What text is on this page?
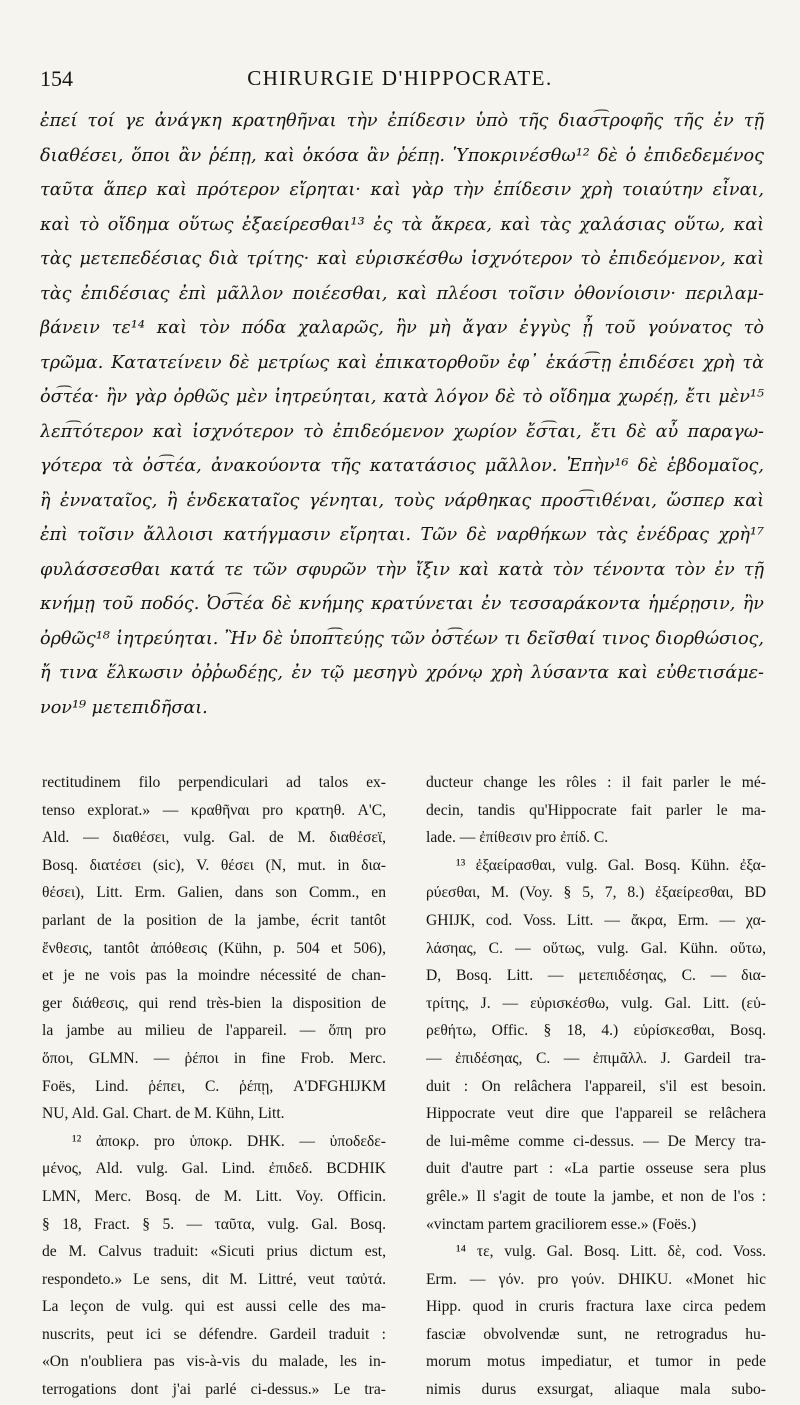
154	CHIRURGIE D'HIPPOCRATE.
ἐπεί τοί γε ἀνάγκη κρατηθῆναι τὴν ἐπίδεσιν ὑπὸ τῆς διασ͡τροφῆς τῆς ἐν τῇ
διαθέσει, ὅποι ἂν ῥέπῃ, καὶ ὁκόσα ἂν ῥέπῃ. Ὑποκρινέσθω¹² δὲ ὁ ἐπιδεδεμένος
ταῦτα ἅπερ καὶ πρότερον εἴρηται· καὶ γὰρ τὴν ἐπίδεσιν χρὴ τοιαύτην εἶναι,
καὶ τὸ οἴδημα οὕτως ἐξαείρεσθαι¹³ ἐς τὰ ἄκρεα, καὶ τὰς χαλάσιας οὕτω, καὶ
τὰς μετεπεδέσιας διὰ τρίτης· καὶ εὑρισκέσθω ἰσχνότερον τὸ ἐπιδεόμενον, καὶ
τὰς ἐπιδέσιας ἐπὶ μᾶλλον ποιέεσθαι, καὶ πλέοσι τοῖσιν ὀθονίοισιν· περιλαμ-
βάνειν τε¹⁴ καὶ τὸν πόδα χαλαρῶς, ἣν μὴ ἄγαν ἐγγὺς ᾖ τοῦ γούνατος τὸ
τρῶμα. Κατατείνειν δὲ μετρίως καὶ ἐπικατορθοῦν ἐφ᾽ ἑκάσ͡τῃ ἐπιδέσει χρὴ τὰ
ὀσ͡τέα· ἢν γὰρ ὀρθῶς μὲν ἰητρεύηται, κατὰ λόγον δὲ τὸ οἴδημα χωρέῃ, ἔτι μὲν¹⁵
λεπ͡τότερον καὶ ἰσχνότερον τὸ ἐπιδεόμενον χωρίον ἔσ͡ται, ἔτι δὲ αὖ παραγω-
γότερα τὰ ὀσ͡τέα, ἀνακούοντα τῆς κατατάσιος μᾶλλον. Ἐπὴν¹⁶ δὲ ἑβδομαῖος,
ἢ ἐνναταῖος, ἢ ἑνδεκαταῖος γένηται, τοὺς νάρθηκας προσ͡τιθέναι, ὥσπερ καὶ
ἐπὶ τοῖσιν ἄλλοισι κατήγμασιν εἴρηται. Τῶν δὲ ναρθήκων τὰς ἐνέδρας χρὴ¹⁷
φυλάσσεσθαι κατά τε τῶν σφυρῶν τὴν ἴξιν καὶ κατὰ τὸν τένοντα τὸν ἐν τῇ
κνήμῃ τοῦ ποδός. Ὀσ͡τέα δὲ κνήμης κρατύνεται ἐν τεσσαράκοντα ἡμέρῃσιν, ἢν
ὀρθῶς¹⁸ ἰητρεύηται. Ἢν δὲ ὑποπ͡τεύῃς τῶν ὀσ͡τέων τι δεῖσθαί τινος διορθώσιος,
ἤ τινα ἕλκωσιν ὀῤῥωδέῃς, ἐν τῷ μεσηγὺ χρόνῳ χρὴ λύσαντα καὶ εὐθετισάμε-
νον¹⁹ μετεπιδῆσαι.
rectitudinem filo perpendiculari ad talos ex-
tenso explorat.» — κραθῆναι pro κρατηθ. A'C,
Ald. — διαθέσει, vulg. Gal. de M. διαθέσεϊ,
Bosq. διατέσει (sic), V. θέσει (N, mut. in δια-
θέσει), Litt. Erm. Galien, dans son Comm., en
parlant de la position de la jambe, écrit tantôt
ἔνθεσις, tantôt ἀπόθεσις (Kühn, p. 504 et 506),
et je ne vois pas la moindre nécessité de chan-
ger διάθεσις, qui rend très-bien la disposition de
la jambe au milieu de l'appareil. — ὅπη pro
ὅποι, GLMN. — ῥέποι in fine Frob. Merc.
Foës, Lind. ῥέπει, C. ῥέπῃ, A'DFGHIJKM
NU, Ald. Gal. Chart. de M. Kühn, Litt.
¹² ἀποκρ. pro ὑποκρ. DHK. — ὑποδεδε-
μένος, Ald. vulg. Gal. Lind. ἐπιδεδ. BCDHIK
LMN, Merc. Bosq. de M. Litt. Voy. Officin.
§ 18, Fract. § 5. — ταῦτα, vulg. Gal. Bosq.
de M. Calvus traduit: «Sicuti prius dictum est,
respondeto.» Le sens, dit M. Littré, veut ταὐτά.
La leçon de vulg. qui est aussi celle des ma-
nuscrits, peut ici se défendre. Gardeil traduit :
«On n'oubliera pas vis-à-vis du malade, les in-
terrogations dont j'ai parlé ci-dessus.» Le tra-
ducteur change les rôles : il fait parler le mé-
decin, tandis qu'Hippocrate fait parler le ma-
lade. — ἐπίθεσιν pro ἐπίδ. C.
¹³ ἐξαείρασθαι, vulg. Gal. Bosq. Kühn. ἐξα-
ρύεσθαι, M. (Voy. § 5, 7, 8.) ἐξαείρεσθαι, BD
GHIJK, cod. Voss. Litt. — ἄκρα, Erm. — χα-
λάσηας, C. — οὕτως, vulg. Gal. Kühn. οὕτω,
D, Bosq. Litt. — μετεπιδέσηας, C. — δια-
τρίτης, J. — εὑρισκέσθω, vulg. Gal. Litt. (εὑ-
ρεθήτω, Offic. § 18, 4.) εὑρίσκεσθαι, Bosq.
— ἐπιδέσηας, C. — ἐπιμᾶλλ. J. Gardeil tra-
duit : On relâchera l'appareil, s'il est besoin.
Hippocrate veut dire que l'appareil se relâchera
de lui-même comme ci-dessus. — De Mercy tra-
duit d'autre part : «La partie osseuse sera plus
grêle.» Il s'agit de toute la jambe, et non de l'os :
«vinctam partem graciliorem esse.» (Foës.)
¹⁴ τε, vulg. Gal. Bosq. Litt. δὲ, cod. Voss.
Erm. — γόν. pro γούν. DHIKU. «Monet hic
Hipp. quod in cruris fractura laxe circa pedem
fasciæ obvolvendæ sunt, ne retrogradus hu-
morum motus impediatur, et tumor in pede
nimis durus exsurgat, aliaque mala subo-
